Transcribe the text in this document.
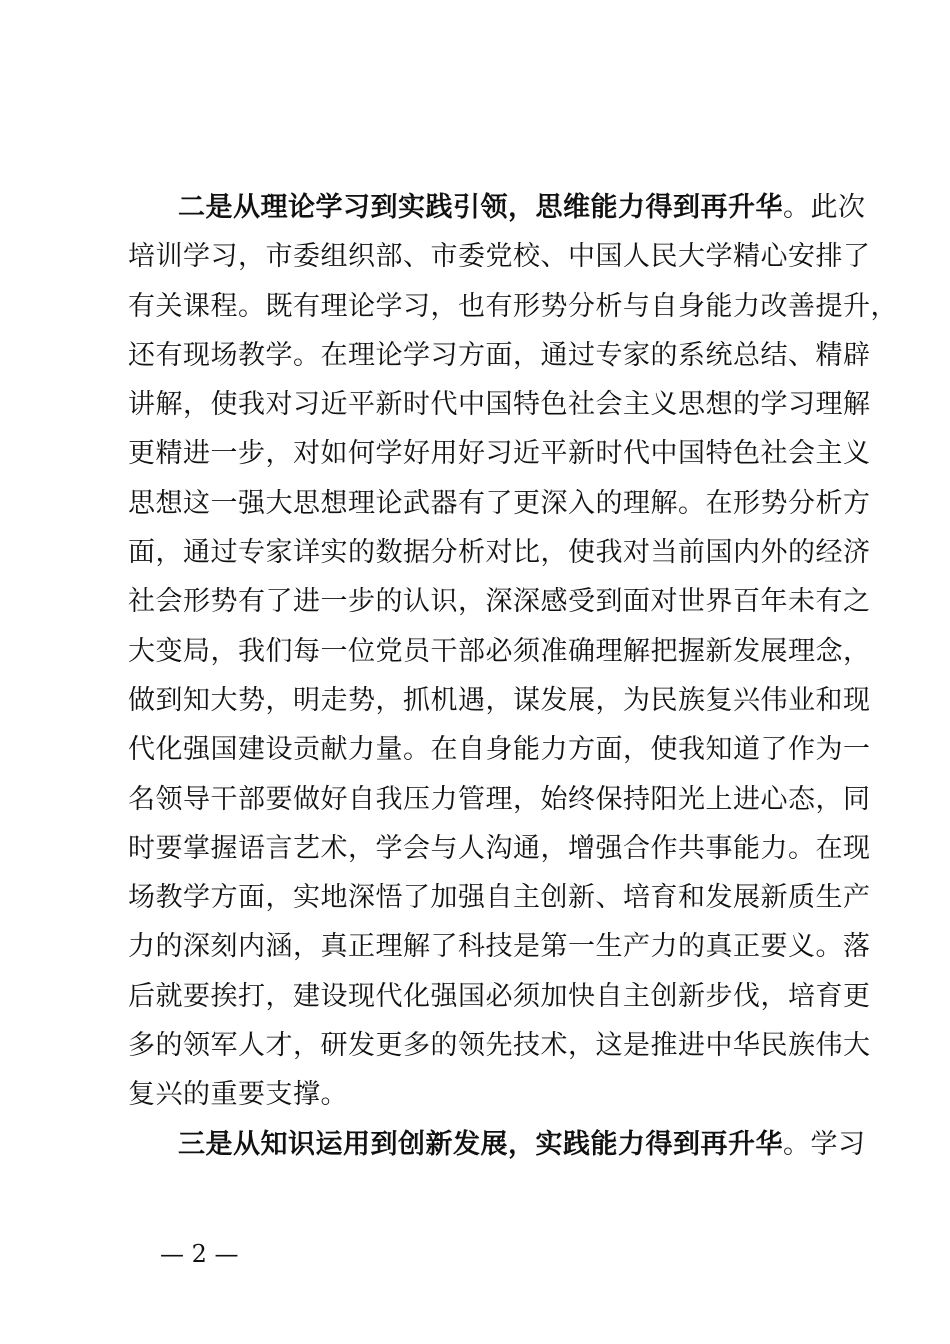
二是从理论学习到实践引领，思维能力得到再升华。此次
培训学习，市委组织部、市委党校、中国人民大学精心安排了
有关课程。既有理论学习，也有形势分析与自身能力改善提升，
还有现场教学。在理论学习方面，通过专家的系统总结、精辟
讲解，使我对习近平新时代中国特色社会主义思想的学习理解
更精进一步，对如何学好用好习近平新时代中国特色社会主义
思想这一强大思想理论武器有了更深入的理解。在形势分析方
面，通过专家详实的数据分析对比，使我对当前国内外的经济
社会形势有了进一步的认识，深深感受到面对世界百年未有之
大变局，我们每一位党员干部必须准确理解把握新发展理念，
做到知大势，明走势，抓机遇，谋发展，为民族复兴伟业和现
代化强国建设贡献力量。在自身能力方面，使我知道了作为一
名领导干部要做好自我压力管理，始终保持阳光上进心态，同
时要掌握语言艺术，学会与人沟通，增强合作共事能力。在现
场教学方面，实地深悟了加强自主创新、培育和发展新质生产
力的深刻内涵，真正理解了科技是第一生产力的真正要义。落
后就要挨打，建设现代化强国必须加快自主创新步伐，培育更
多的领军人才，研发更多的领先技术，这是推进中华民族伟大
复兴的重要支撑。
三是从知识运用到创新发展，实践能力得到再升华。学习
— 2 —
